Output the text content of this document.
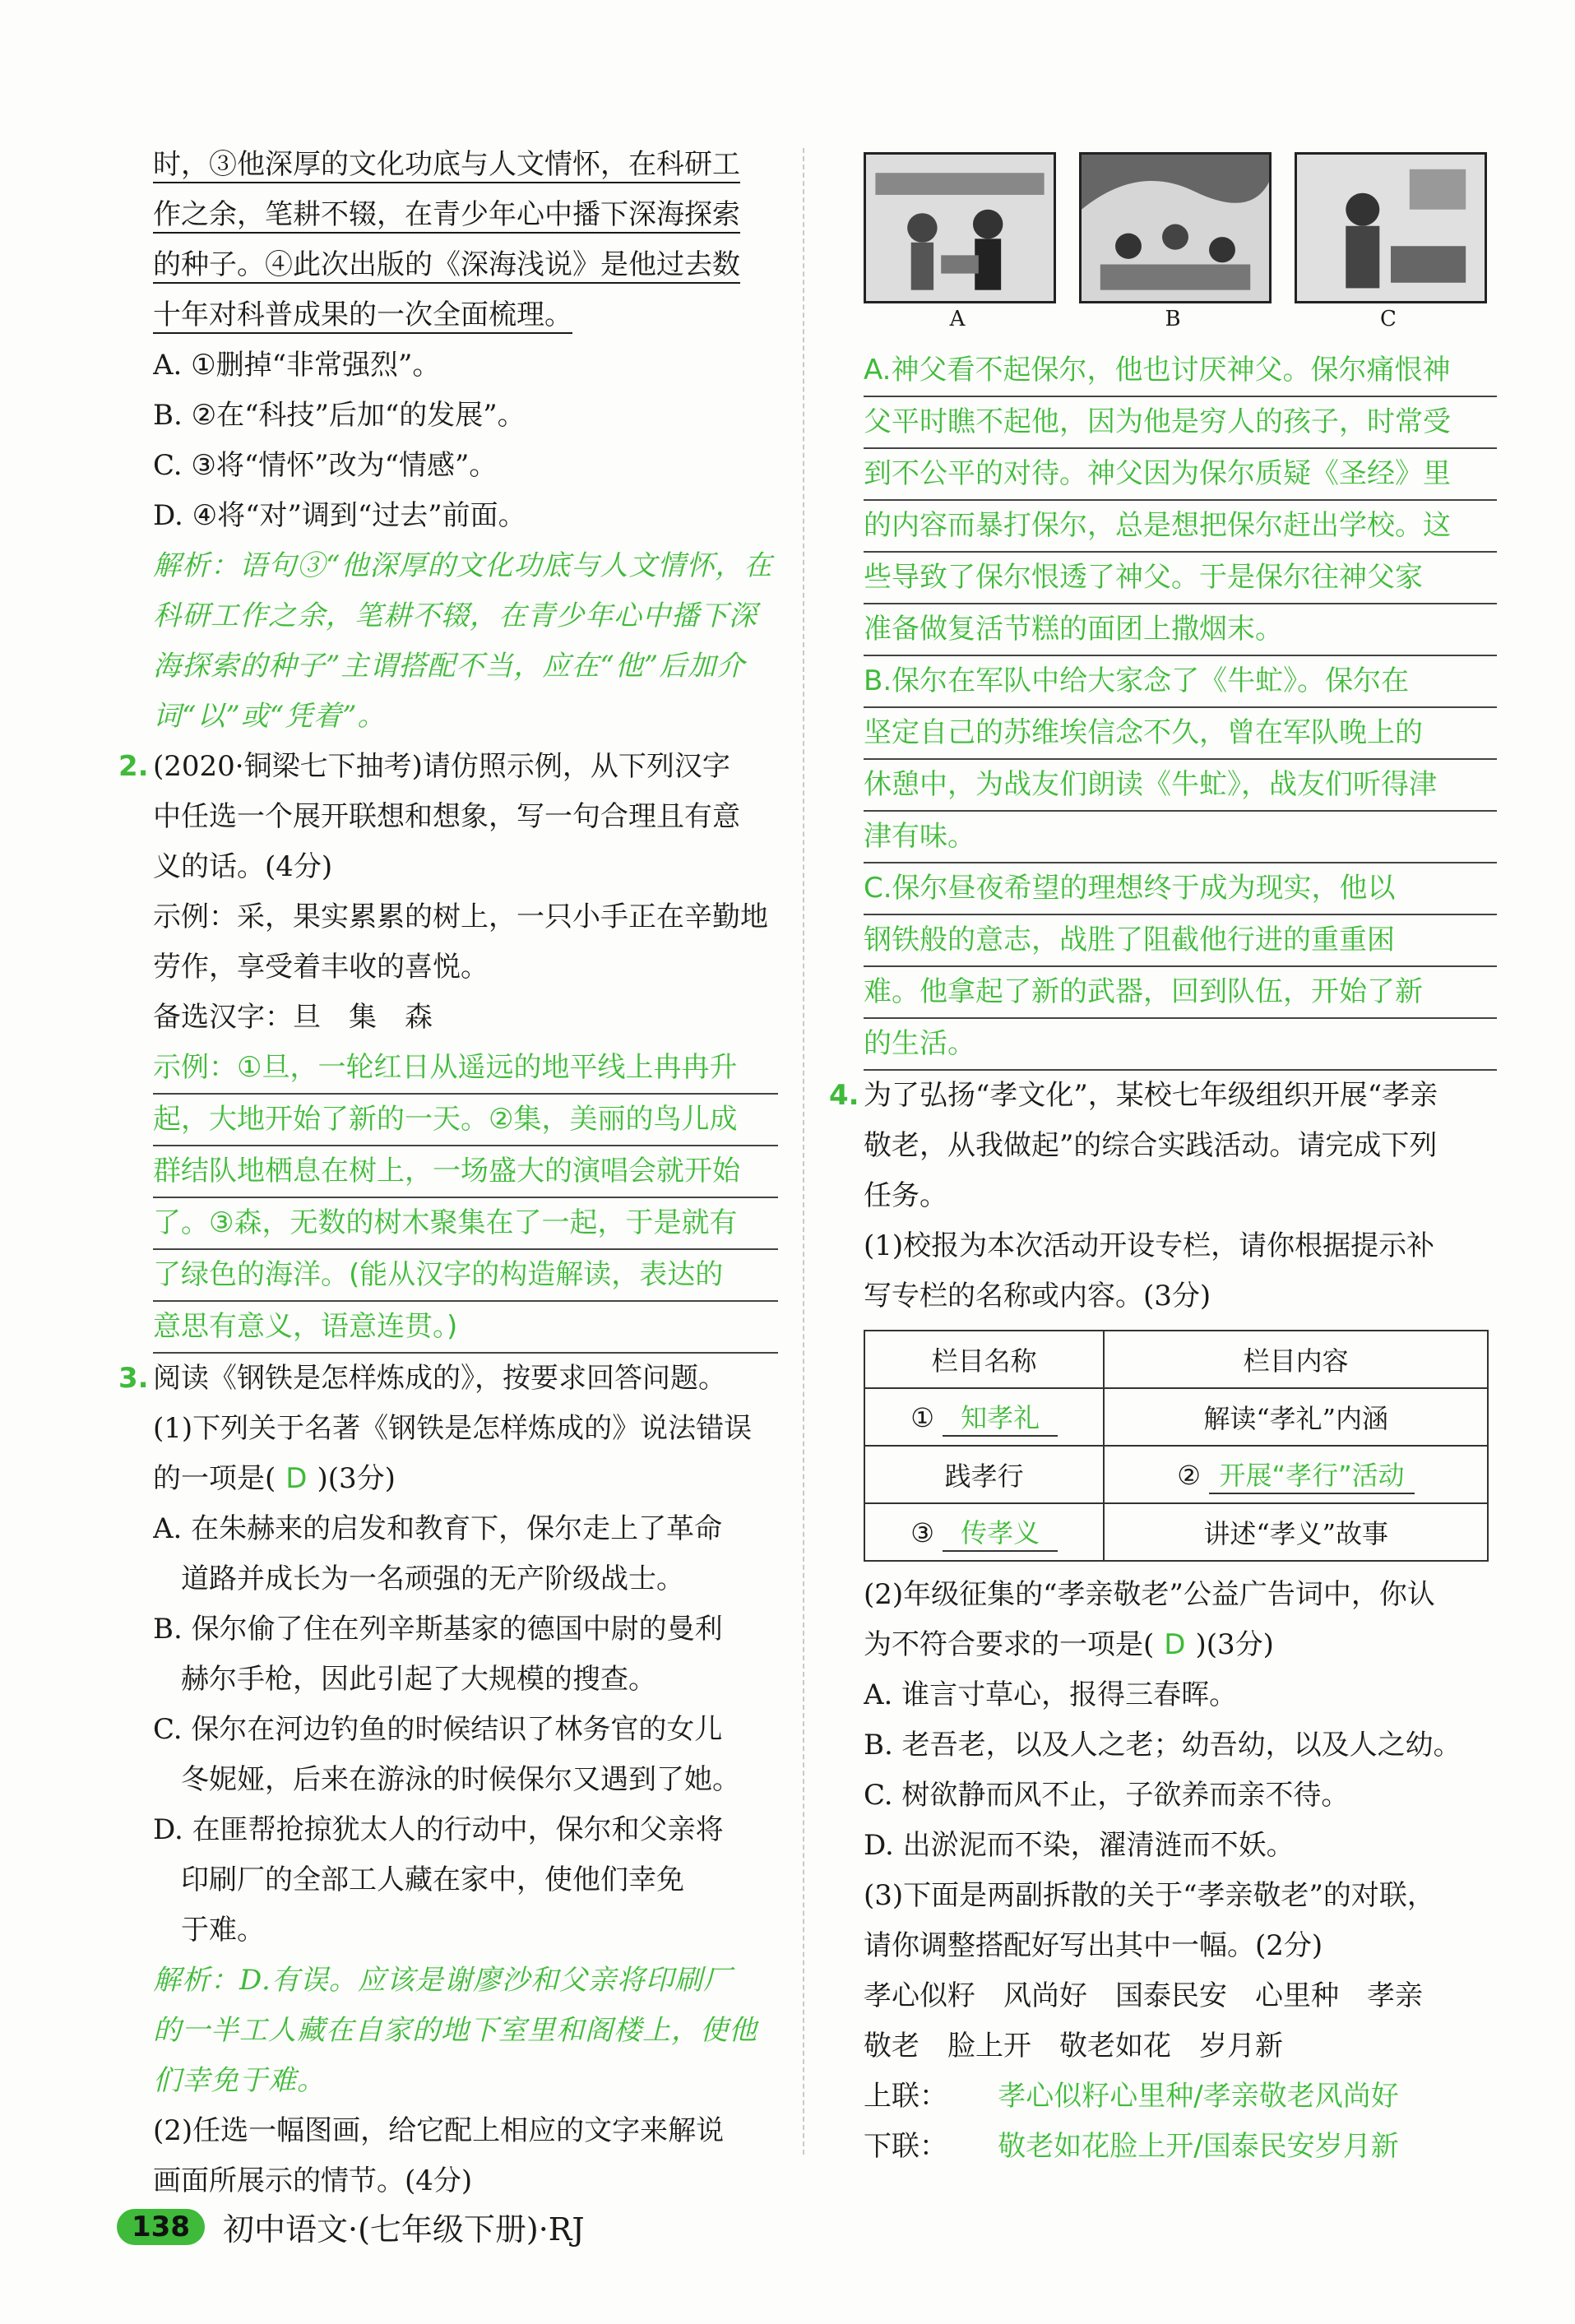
时，③他深厚的文化功底与人文情怀，在科研工
作之余，笔耕不辍，在青少年心中播下深海探索
的种子。④此次出版的《深海浅说》是他过去数
十年对科普成果的一次全面梳理。
A. ①删掉“非常强烈”。
B. ②在“科技”后加“的发展”。
C. ③将“情怀”改为“情感”。
D. ④将“对”调到“过去”前面。
解析：语句③“他深厚的文化功底与人文情怀，在
科研工作之余，笔耕不辍，在青少年心中播下深
海探索的种子”主谓搭配不当，应在“他”后加介
词“以”或“凭着”。
2. (2020·铜梁七下抽考)请仿照示例，从下列汉字
中任选一个展开联想和想象，写一句合理且有意
义的话。(4分)
示例：采，果实累累的树上，一只小手正在辛勤地
劳作，享受着丰收的喜悦。
备选汉字：旦　集　森
示例：①旦，一轮红日从遥远的地平线上冉冉升
起，大地开始了新的一天。②集，美丽的鸟儿成
群结队地栖息在树上，一场盛大的演唱会就开始
了。③森，无数的树木聚集在了一起，于是就有
了绿色的海洋。(能从汉字的构造解读，表达的
意思有意义，语意连贯。)
3. 阅读《钢铁是怎样炼成的》，按要求回答问题。
(1)下列关于名著《钢铁是怎样炼成的》说法错误
的一项是( D )(3分)
A. 在朱赫来的启发和教育下，保尔走上了革命
道路并成长为一名顽强的无产阶级战士。
B. 保尔偷了住在列辛斯基家的德国中尉的曼利
赫尔手枪，因此引起了大规模的搜查。
C. 保尔在河边钓鱼的时候结识了林务官的女儿
冬妮娅，后来在游泳的时候保尔又遇到了她。
D. 在匪帮抢掠犹太人的行动中，保尔和父亲将
印刷厂的全部工人藏在家中，使他们幸免
于难。
解析：D.有误。应该是谢廖沙和父亲将印刷厂
的一半工人藏在自家的地下室里和阁楼上，使他
们幸免于难。
(2)任选一幅图画，给它配上相应的文字来解说
画面所展示的情节。(4分)
A	B	C
A.神父看不起保尔，他也讨厌神父。保尔痛恨神
父平时瞧不起他，因为他是穷人的孩子，时常受
到不公平的对待。神父因为保尔质疑《圣经》里
的内容而暴打保尔，总是想把保尔赶出学校。这
些导致了保尔恨透了神父。于是保尔往神父家
准备做复活节糕的面团上撒烟末。
B.保尔在军队中给大家念了《牛虻》。保尔在
坚定自己的苏维埃信念不久，曾在军队晚上的
休憩中，为战友们朗读《牛虻》，战友们听得津
津有味。
C.保尔昼夜希望的理想终于成为现实，他以
钢铁般的意志，战胜了阻截他行进的重重困
难。他拿起了新的武器，回到队伍，开始了新
的生活。
4. 为了弘扬“孝文化”，某校七年级组织开展“孝亲
敬老，从我做起”的综合实践活动。请完成下列
任务。
(1)校报为本次活动开设专栏，请你根据提示补
写专栏的名称或内容。(3分)
栏目名称	栏目内容
① 知孝礼	解读“孝礼”内涵
践孝行	② 开展“孝行”活动
③ 传孝义	讲述“孝义”故事
(2)年级征集的“孝亲敬老”公益广告词中，你认
为不符合要求的一项是( D )(3分)
A. 谁言寸草心，报得三春晖。
B. 老吾老，以及人之老；幼吾幼，以及人之幼。
C. 树欲静而风不止，子欲养而亲不待。
D. 出淤泥而不染，濯清涟而不妖。
(3)下面是两副拆散的关于“孝亲敬老”的对联，
请你调整搭配好写出其中一幅。(2分)
孝心似籽　风尚好　国泰民安　心里种　孝亲
敬老　脸上开　敬老如花　岁月新
上联： 孝心似籽心里种/孝亲敬老风尚好
下联： 敬老如花脸上开/国泰民安岁月新
138	初中语文·(七年级下册)·RJ
